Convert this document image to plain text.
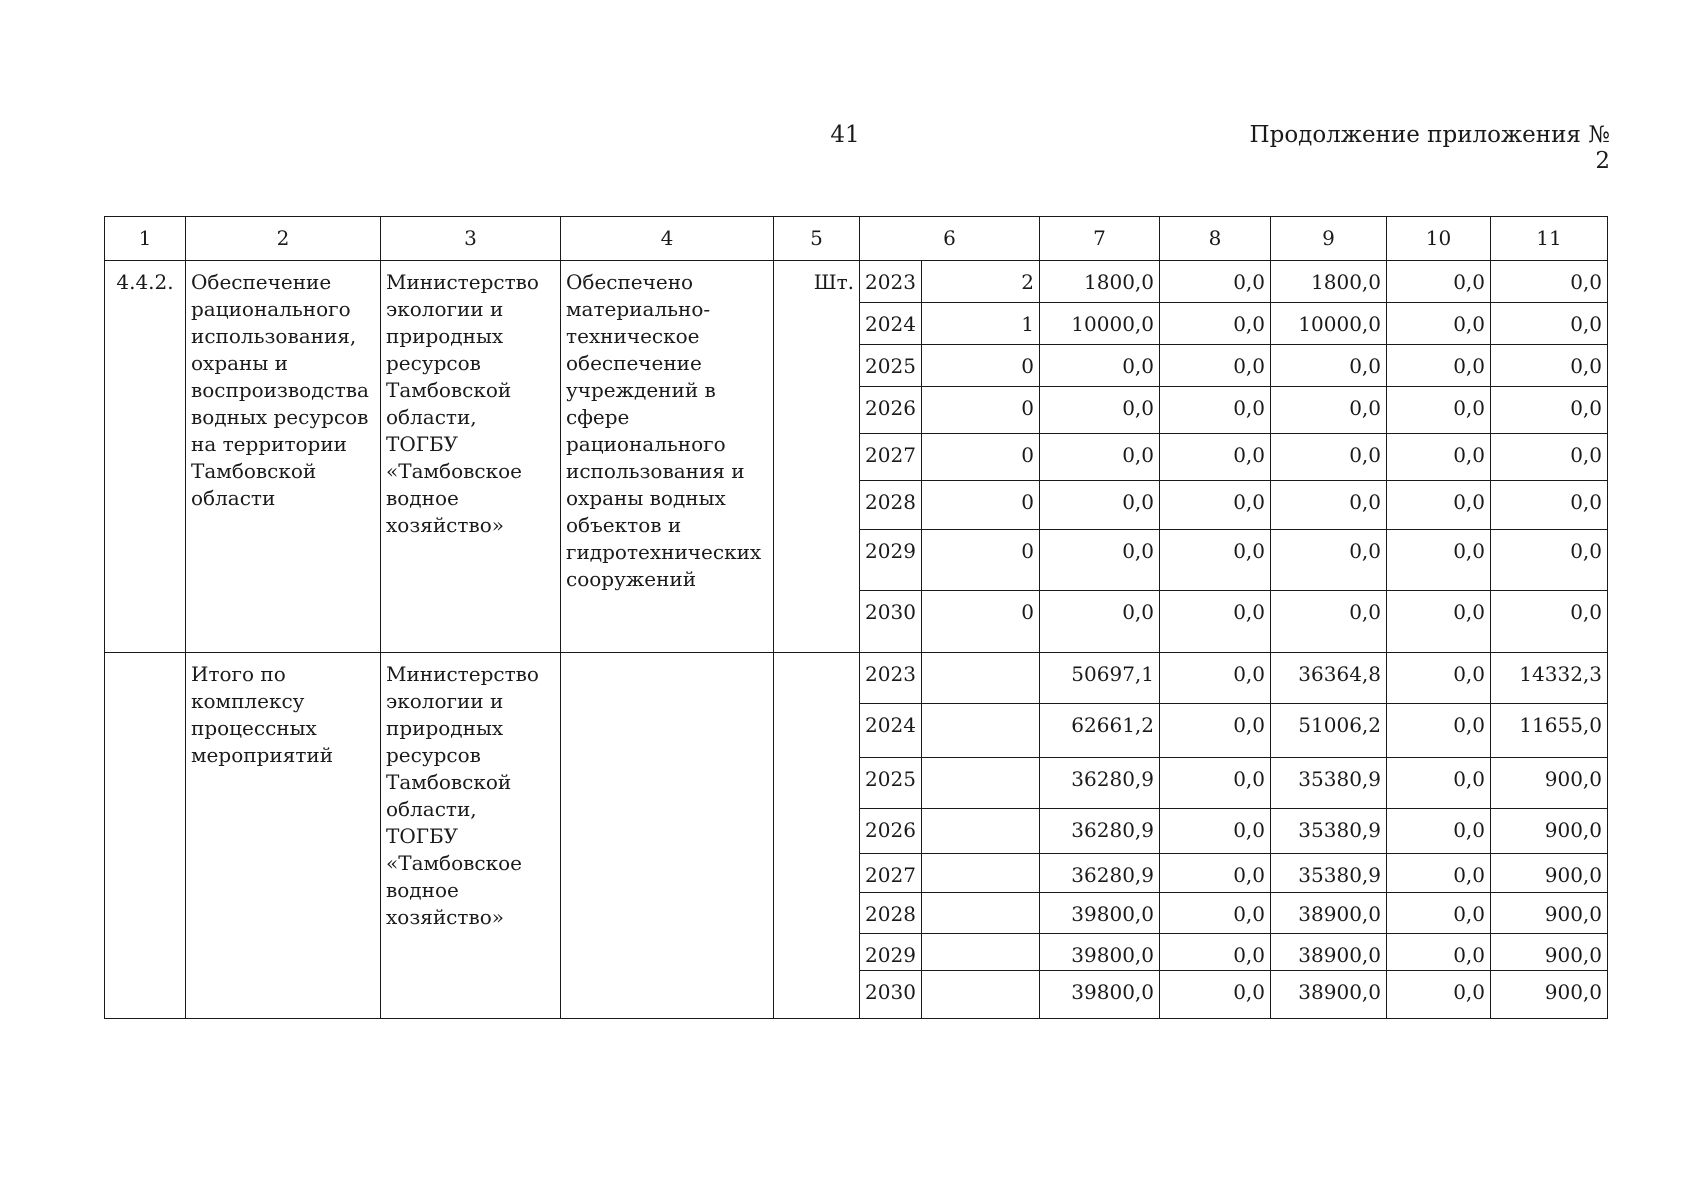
41	Продолжение приложения № 2
1	2	3	4	5	6		7	8	9	10	11
4.4.2.	Обеспечение рационального использования, охраны и воспроизводства водных ресурсов на территории Тамбовской области	Министерство экологии и природных ресурсов Тамбовской области, ТОГБУ «Тамбовское водное хозяйство»	Обеспечено материально-техническое обеспечение учреждений в сфере рационального использования и охраны водных объектов и гидротехнических сооружений	Шт.	2023	2	1800,0	0,0	1800,0	0,0	0,0
					2024	1	10000,0	0,0	10000,0	0,0	0,0
					2025	0	0,0	0,0	0,0	0,0	0,0
					2026	0	0,0	0,0	0,0	0,0	0,0
					2027	0	0,0	0,0	0,0	0,0	0,0
					2028	0	0,0	0,0	0,0	0,0	0,0
					2029	0	0,0	0,0	0,0	0,0	0,0
					2030	0	0,0	0,0	0,0	0,0	0,0
	Итого по комплексу процессных мероприятий	Министерство экологии и природных ресурсов Тамбовской области, ТОГБУ «Тамбовское водное хозяйство»			2023		50697,1	0,0	36364,8	0,0	14332,3
					2024		62661,2	0,0	51006,2	0,0	11655,0
					2025		36280,9	0,0	35380,9	0,0	900,0
					2026		36280,9	0,0	35380,9	0,0	900,0
					2027		36280,9	0,0	35380,9	0,0	900,0
					2028		39800,0	0,0	38900,0	0,0	900,0
					2029		39800,0	0,0	38900,0	0,0	900,0
					2030		39800,0	0,0	38900,0	0,0	900,0
